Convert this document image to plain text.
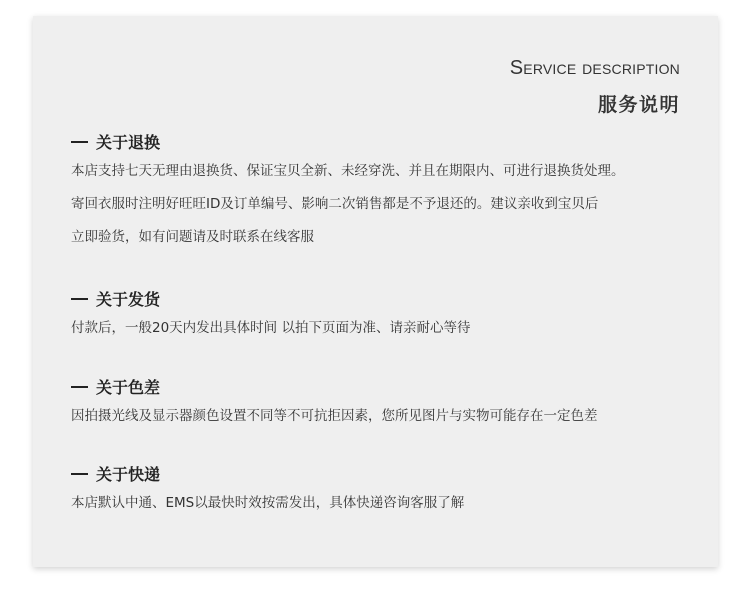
Service description
服务说明
关于退换
本店支持七天无理由退换货、保证宝贝全新、未经穿洗、并且在期限内、可进行退换货处理。
寄回衣服时注明好旺旺ID及订单编号、影响二次销售都是不予退还的。建议亲收到宝贝后
立即验货，如有问题请及时联系在线客服
关于发货
付款后，一般20天内发出具体时间 以拍下页面为准、请亲耐心等待
关于色差
因拍摄光线及显示器颜色设置不同等不可抗拒因素，您所见图片与实物可能存在一定色差
关于快递
本店默认中通、EMS以最快时效按需发出，具体快递咨询客服了解
